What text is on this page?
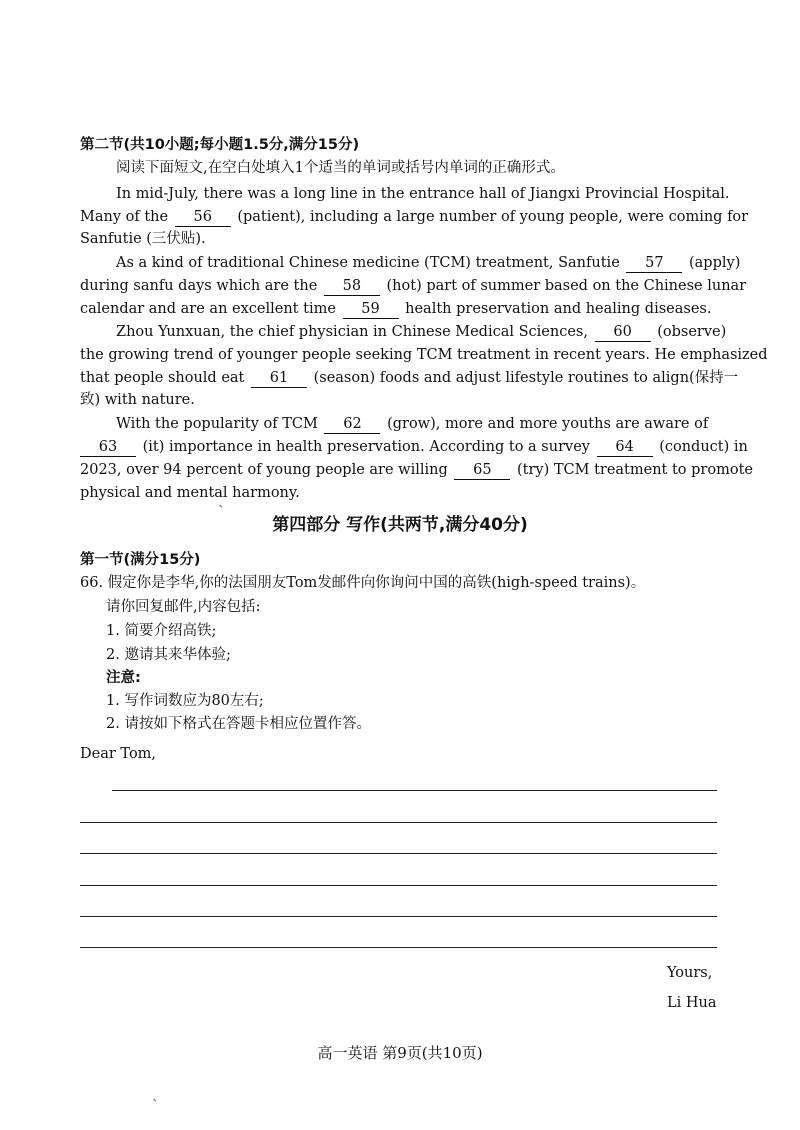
第二节(共10小题;每小题1.5分,满分15分)
阅读下面短文,在空白处填入1个适当的单词或括号内单词的正确形式。
In mid-July, there was a long line in the entrance hall of Jiangxi Provincial Hospital.
Many of the 56 (patient), including a large number of young people, were coming for
Sanfutie (三伏贴).
As a kind of traditional Chinese medicine (TCM) treatment, Sanfutie 57 (apply)
during sanfu days which are the 58 (hot) part of summer based on the Chinese lunar
calendar and are an excellent time 59 health preservation and healing diseases.
Zhou Yunxuan, the chief physician in Chinese Medical Sciences, 60 (observe)
the growing trend of younger people seeking TCM treatment in recent years. He emphasized
that people should eat 61 (season) foods and adjust lifestyle routines to align(保持一
致) with nature.
With the popularity of TCM 62 (grow), more and more youths are aware of
63 (it) importance in health preservation. According to a survey 64 (conduct) in
2023, over 94 percent of young people are willing 65 (try) TCM treatment to promote
physical and mental harmony.
`
第四部分 写作(共两节,满分40分)
第一节(满分15分)
66. 假定你是李华,你的法国朋友Tom发邮件向你询问中国的高铁(high-speed trains)。
请你回复邮件,内容包括:
1. 简要介绍高铁;
2. 邀请其来华体验;
注意:
1. 写作词数应为80左右;
2. 请按如下格式在答题卡相应位置作答。
Dear Tom,
Yours,
Li Hua
高一英语 第9页(共10页)
`
